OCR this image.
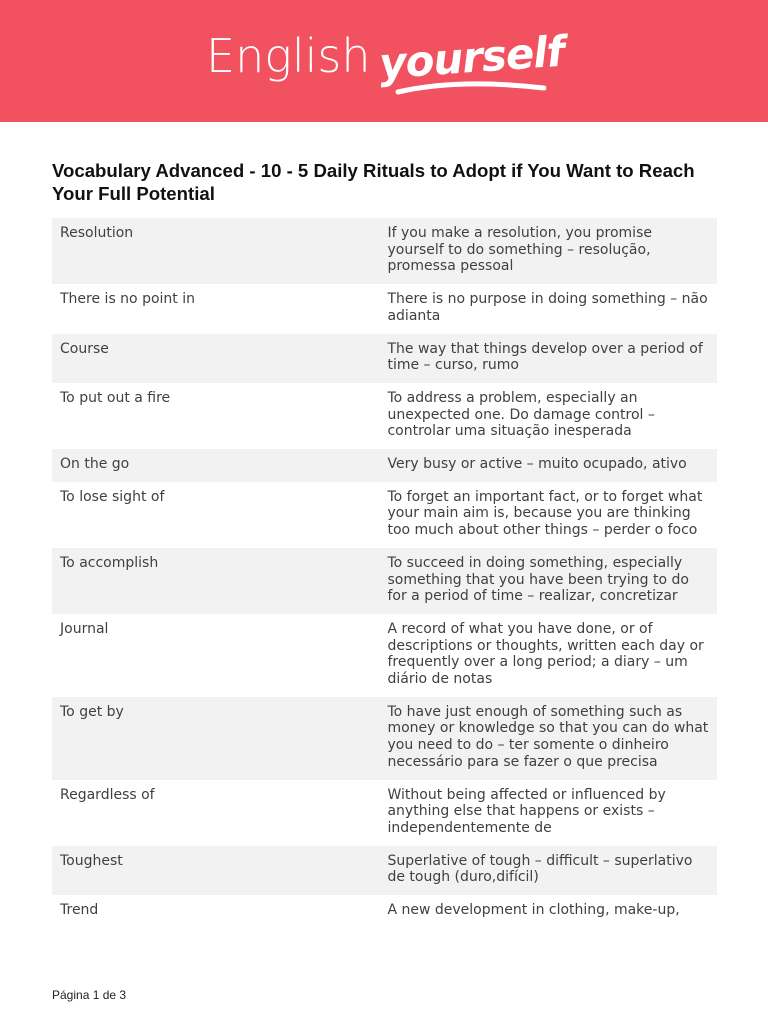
English yourself
Vocabulary Advanced - 10 - 5 Daily Rituals to Adopt if You Want to Reach Your Full Potential
Resolution	If you make a resolution, you promise yourself to do something – resolução, promessa pessoal
There is no point in	There is no purpose in doing something – não adianta
Course	The way that things develop over a period of time – curso, rumo
To put out a fire	To address a problem, especially an unexpected one. Do damage control – controlar uma situação inesperada
On the go	Very busy or active – muito ocupado, ativo
To lose sight of	To forget an important fact, or to forget what your main aim is, because you are thinking too much about other things – perder o foco
To accomplish	To succeed in doing something, especially something that you have been trying to do for a period of time – realizar, concretizar
Journal	A record of what you have done, or of descriptions or thoughts, written each day or frequently over a long period; a diary – um diário de notas
To get by	To have just enough of something such as money or knowledge so that you can do what you need to do – ter somente o dinheiro necessário para se fazer o que precisa
Regardless of	Without being affected or influenced by anything else that happens or exists – independentemente de
Toughest	Superlative of tough – difficult – superlativo de tough (duro,difícil)
Trend	A new development in clothing, make-up,
Página 1 de 3
